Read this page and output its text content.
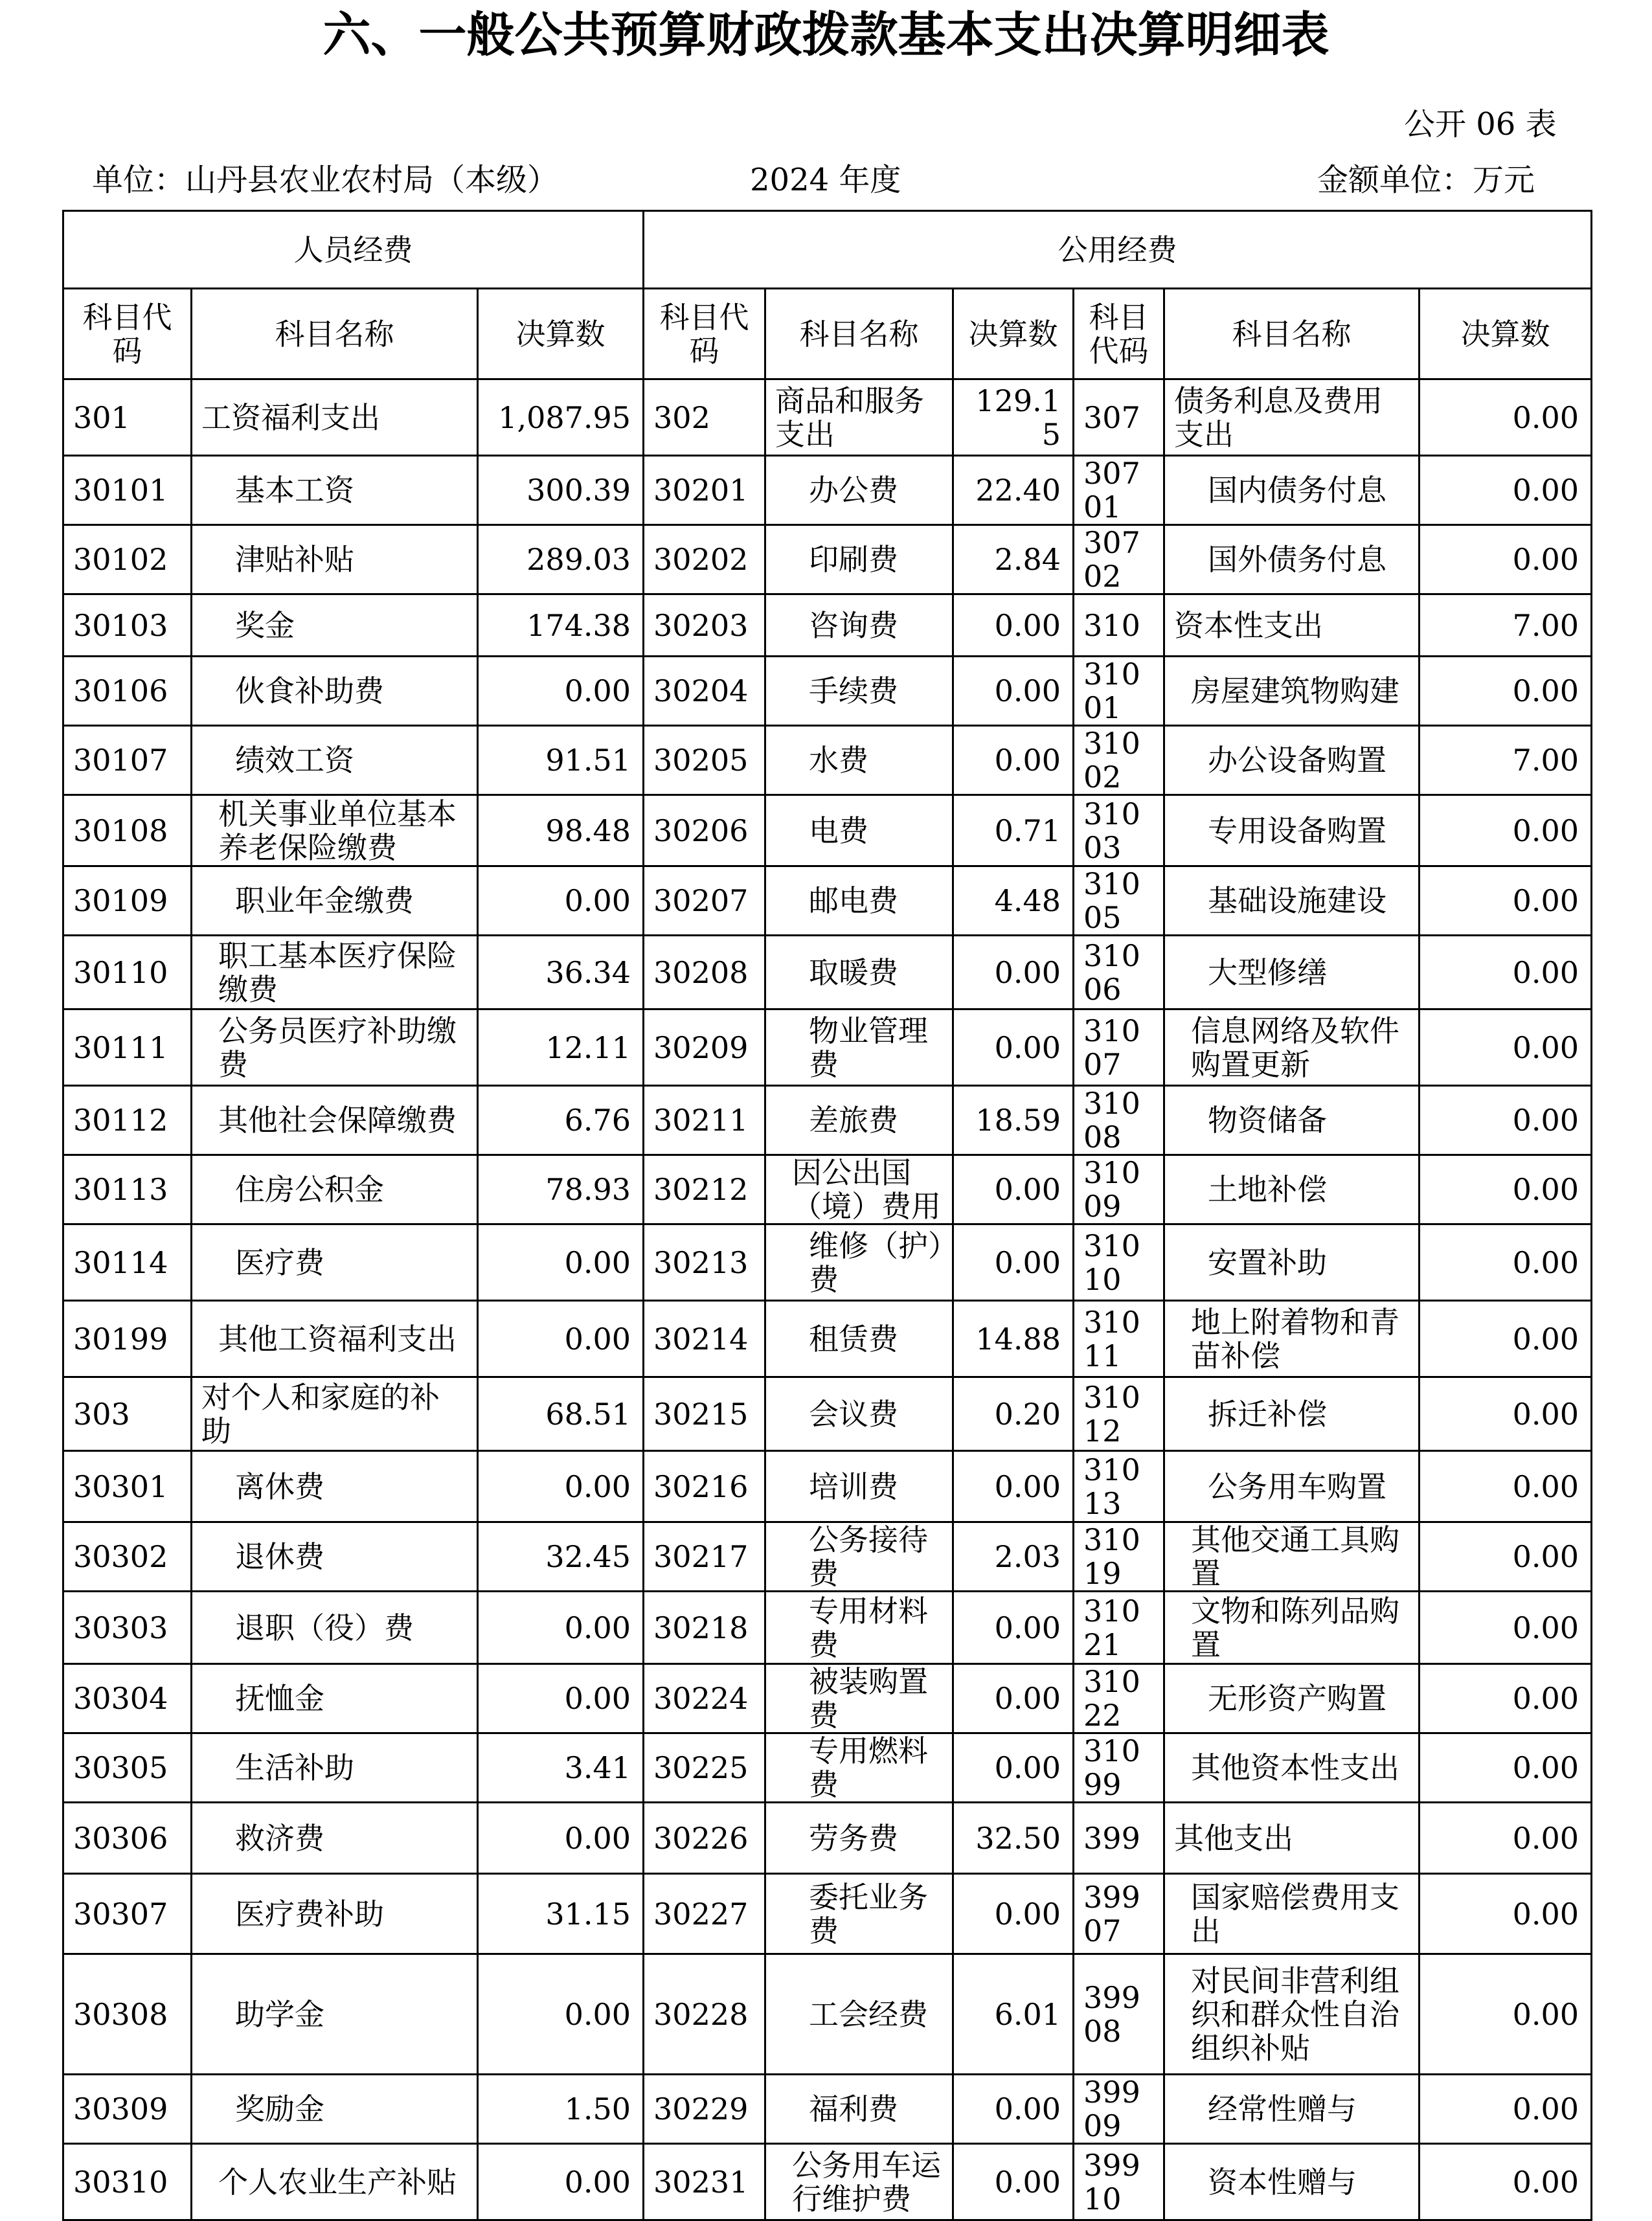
六、一般公共预算财政拨款基本支出决算明细表
公开 06 表
单位：山丹县农业农村局（本级）	2024 年度	金额单位：万元
人员经费			公用经费					
科目代码	科目名称	决算数	科目代码	科目名称	决算数	科目代码	科目名称	决算数
301	工资福利支出	1,087.95	302	商品和服务支出	129.15	307	债务利息及费用支出	0.00
30101	基本工资	300.39	30201	办公费	22.40	30701	国内债务付息	0.00
30102	津贴补贴	289.03	30202	印刷费	2.84	30702	国外债务付息	0.00
30103	奖金	174.38	30203	咨询费	0.00	310	资本性支出	7.00
30106	伙食补助费	0.00	30204	手续费	0.00	31001	房屋建筑物购建	0.00
30107	绩效工资	91.51	30205	水费	0.00	31002	办公设备购置	7.00
30108	机关事业单位基本养老保险缴费	98.48	30206	电费	0.71	31003	专用设备购置	0.00
30109	职业年金缴费	0.00	30207	邮电费	4.48	31005	基础设施建设	0.00
30110	职工基本医疗保险缴费	36.34	30208	取暖费	0.00	31006	大型修缮	0.00
30111	公务员医疗补助缴费	12.11	30209	物业管理费	0.00	31007	信息网络及软件购置更新	0.00
30112	其他社会保障缴费	6.76	30211	差旅费	18.59	31008	物资储备	0.00
30113	住房公积金	78.93	30212	因公出国（境）费用	0.00	31009	土地补偿	0.00
30114	医疗费	0.00	30213	维修（护）费	0.00	31010	安置补助	0.00
30199	其他工资福利支出	0.00	30214	租赁费	14.88	31011	地上附着物和青苗补偿	0.00
303	对个人和家庭的补助	68.51	30215	会议费	0.20	31012	拆迁补偿	0.00
30301	离休费	0.00	30216	培训费	0.00	31013	公务用车购置	0.00
30302	退休费	32.45	30217	公务接待费	2.03	31019	其他交通工具购置	0.00
30303	退职（役）费	0.00	30218	专用材料费	0.00	31021	文物和陈列品购置	0.00
30304	抚恤金	0.00	30224	被装购置费	0.00	31022	无形资产购置	0.00
30305	生活补助	3.41	30225	专用燃料费	0.00	31099	其他资本性支出	0.00
30306	救济费	0.00	30226	劳务费	32.50	399	其他支出	0.00
30307	医疗费补助	31.15	30227	委托业务费	0.00	39907	国家赔偿费用支出	0.00
30308	助学金	0.00	30228	工会经费	6.01	39908	对民间非营利组织和群众性自治组织补贴	0.00
30309	奖励金	1.50	30229	福利费	0.00	39909	经常性赠与	0.00
30310	个人农业生产补贴	0.00	30231	公务用车运行维护费	0.00	39910	资本性赠与	0.00
